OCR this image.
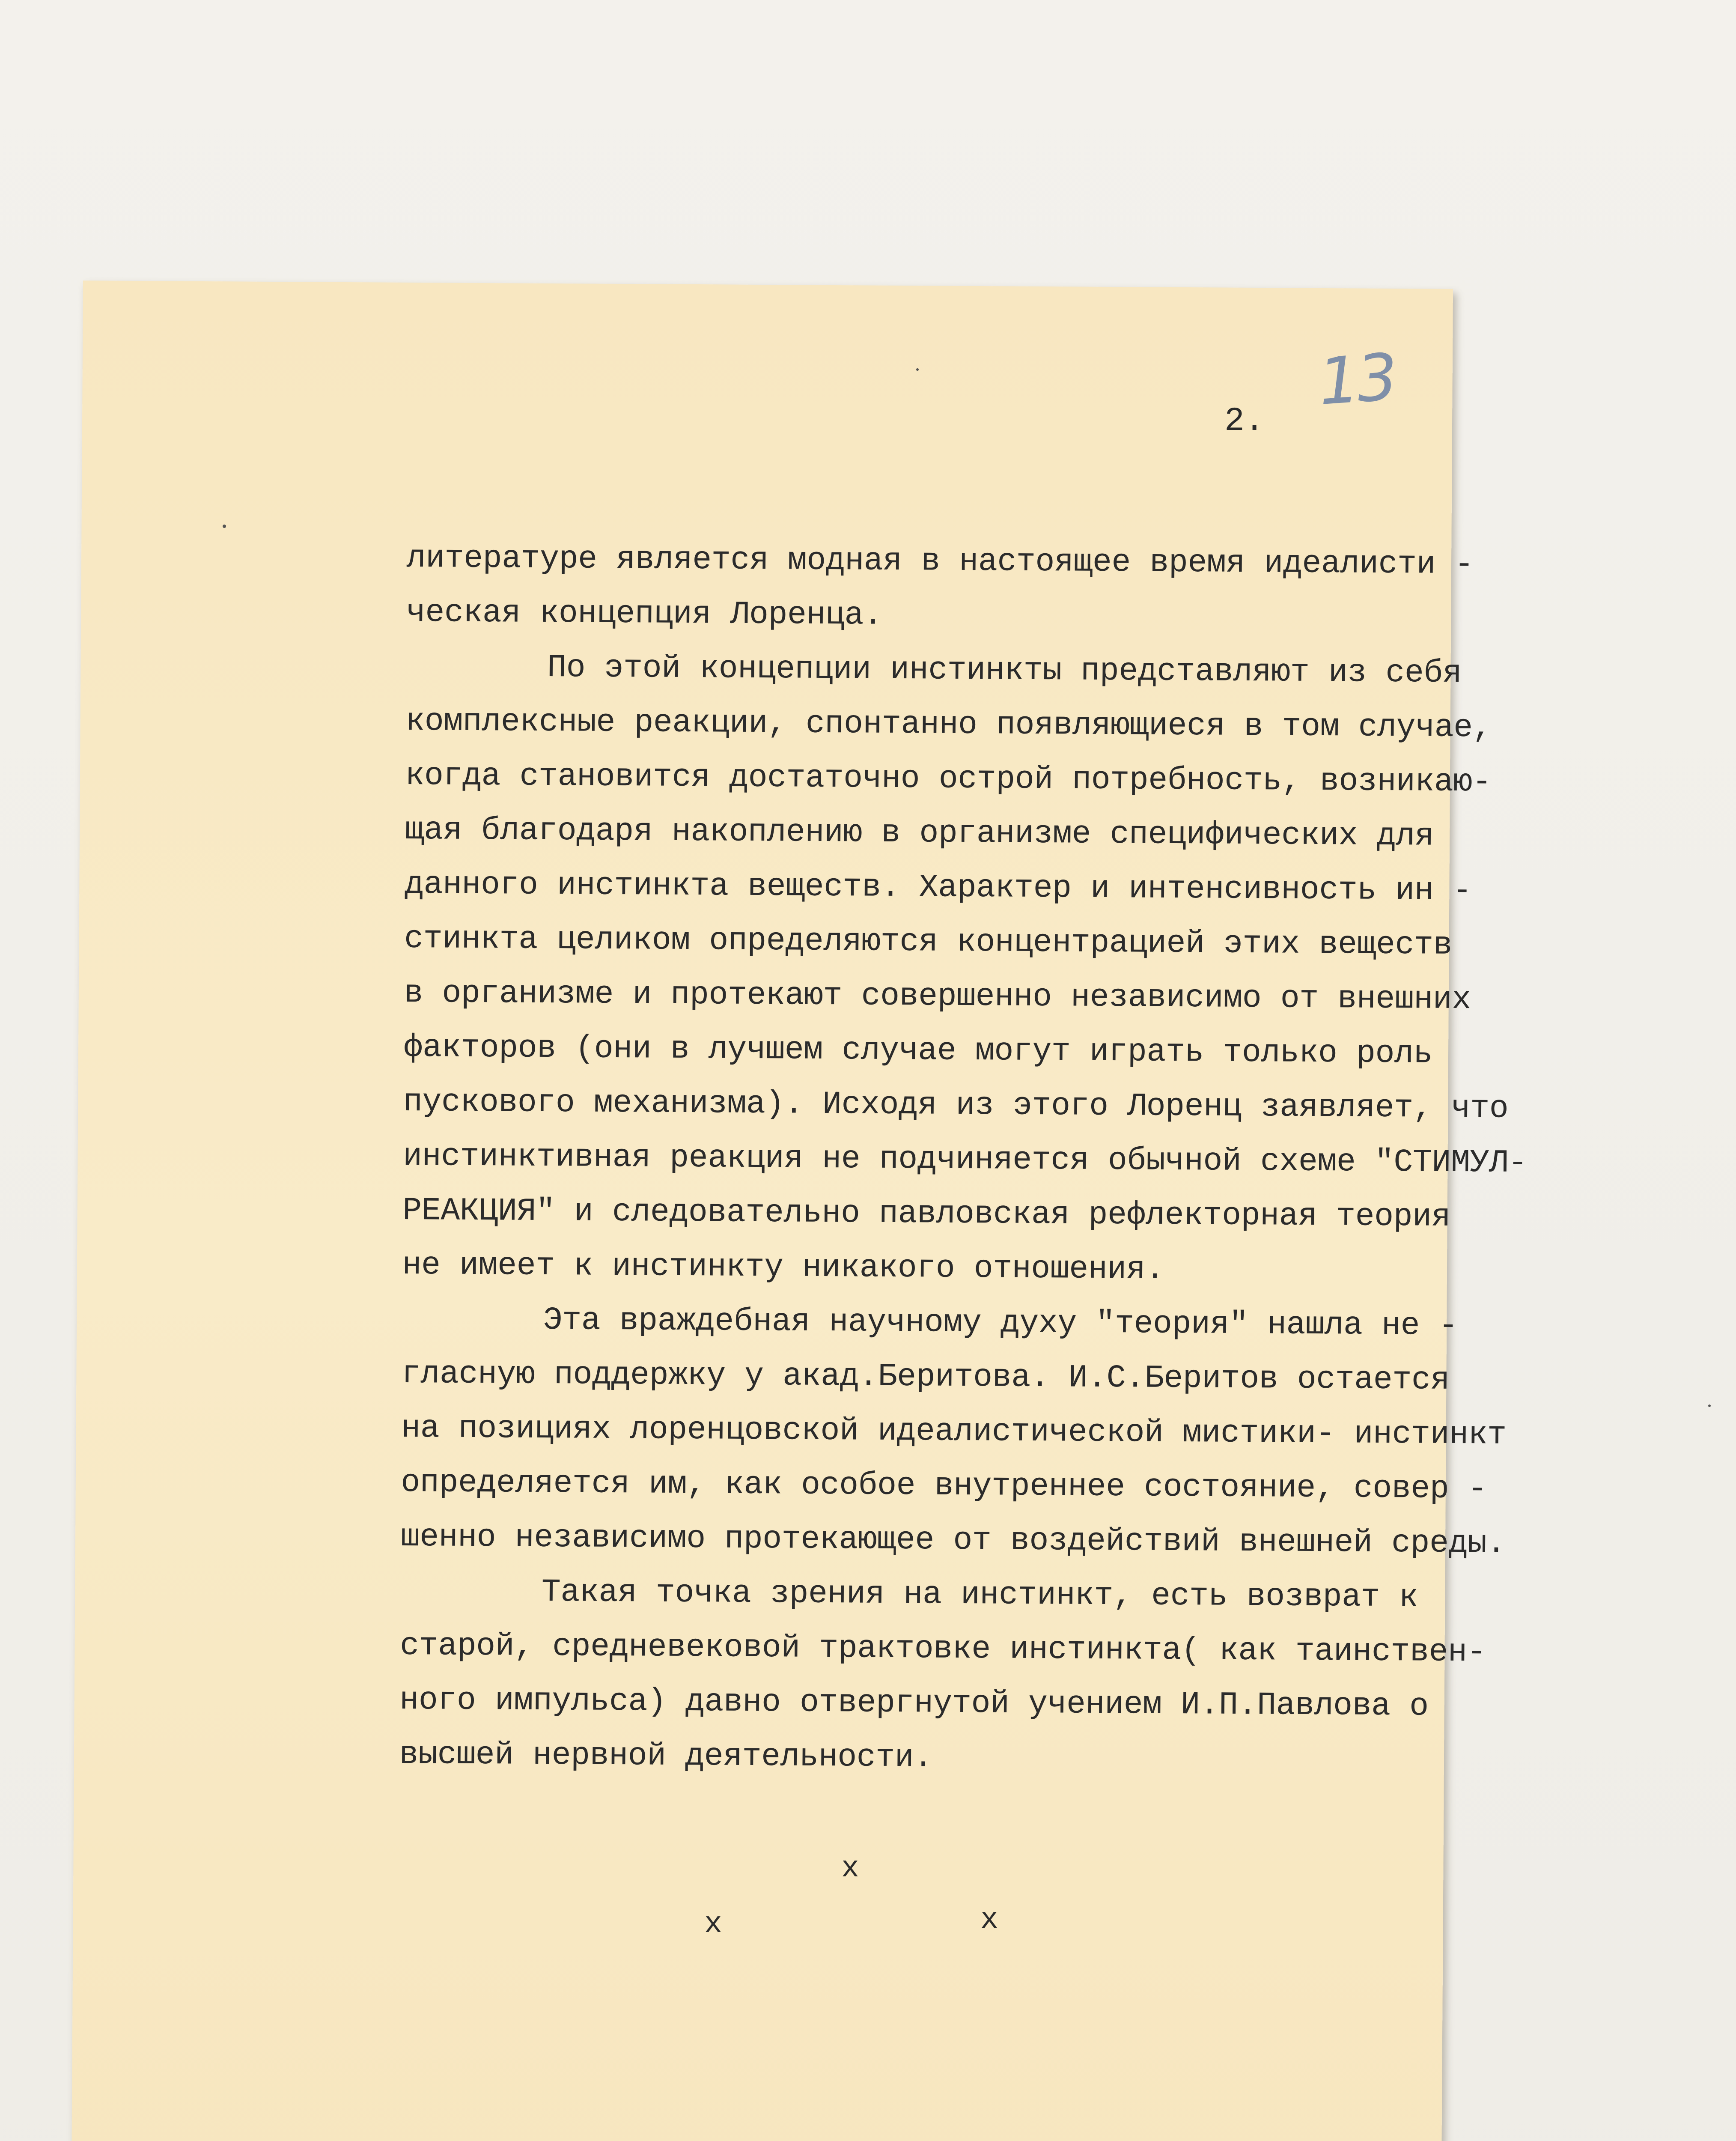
13
2.
литературе является модная в настоящее время идеалисти -
ческая концепция Лоренца.
По этой концепции инстинкты представляют из себя
комплексные реакции, спонтанно появляющиеся в том случае,
когда становится достаточно острой потребность, возникаю-
щая благодаря накоплению в организме специфических для
данного инстинкта веществ. Характер и интенсивность ин -
стинкта целиком определяются концентрацией этих веществ
в организме и протекают совершенно независимо от внешних
факторов (они в лучшем случае могут играть только роль
пускового механизма). Исходя из этого Лоренц заявляет, что
инстинктивная реакция не подчиняется обычной схеме "СТИМУЛ-
РЕАКЦИЯ" и следовательно павловская рефлекторная теория
не имеет к инстинкту никакого отношения.
Эта враждебная научному духу "теория" нашла не -
гласную поддержку у акад.Беритова. И.С.Беритов остается
на позициях лоренцовской идеалистической мистики- инстинкт
определяется им, как особое внутреннее состояние, совер -
шенно независимо протекающее от воздействий внешней среды.
Такая точка зрения на инстинкт, есть возврат к
старой, средневековой трактовке инстинкта( как таинствен-
ного импульса) давно отвергнутой учением И.П.Павлова о
высшей нервной деятельности.
x
x	x
